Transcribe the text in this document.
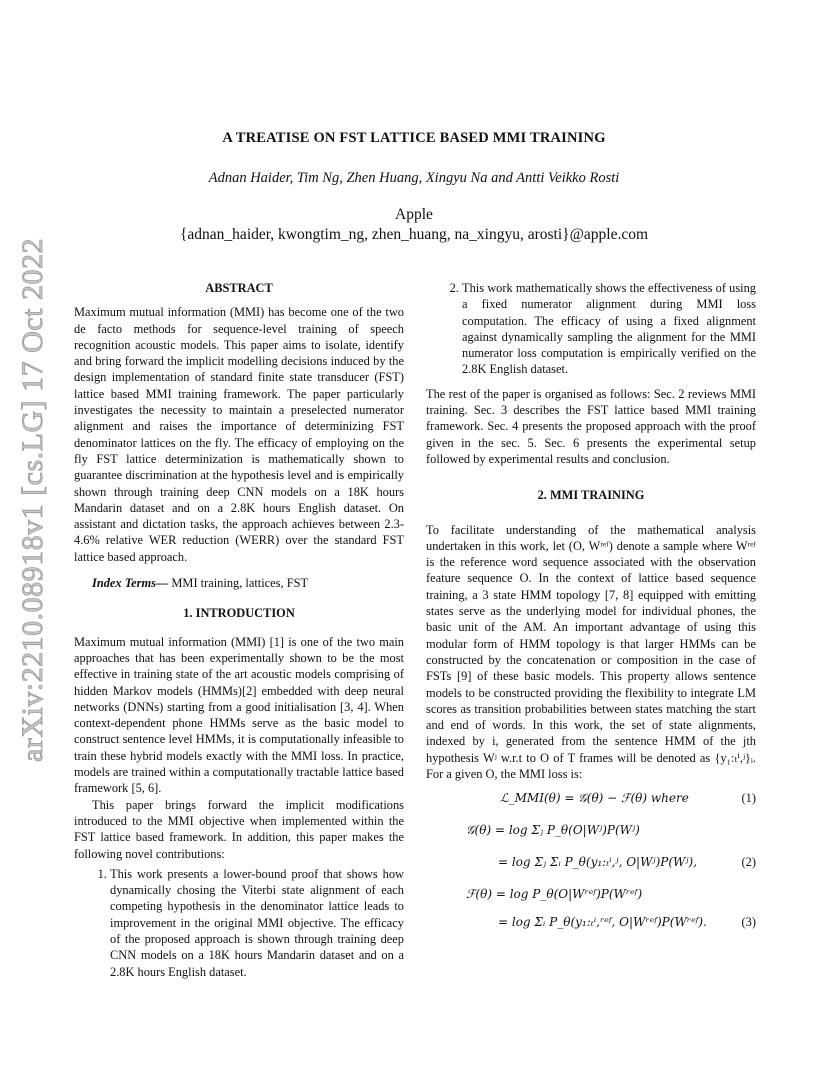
arXiv:2210.08918v1 [cs.LG] 17 Oct 2022
A TREATISE ON FST LATTICE BASED MMI TRAINING
Adnan Haider, Tim Ng, Zhen Huang, Xingyu Na and Antti Veikko Rosti
Apple
{adnan_haider, kwongtim_ng, zhen_huang, na_xingyu, arosti}@apple.com
ABSTRACT

Maximum mutual information (MMI) has become one of the two de facto methods for sequence-level training of speech recognition acoustic models. This paper aims to isolate, identify and bring forward the implicit modelling decisions induced by the design implementation of standard finite state transducer (FST) lattice based MMI training framework. The paper particularly investigates the necessity to maintain a preselected numerator alignment and raises the importance of determinizing FST denominator lattices on the fly. The efficacy of employing on the fly FST lattice determinization is mathematically shown to guarantee discrimination at the hypothesis level and is empirically shown through training deep CNN models on a 18K hours Mandarin dataset and on a 2.8K hours English dataset. On assistant and dictation tasks, the approach achieves between 2.3-4.6% relative WER reduction (WERR) over the standard FST lattice based approach.

Index Terms— MMI training, lattices, FST

1. INTRODUCTION

Maximum mutual information (MMI) [1] is one of the two main approaches that has been experimentally shown to be the most effective in training state of the art acoustic models comprising of hidden Markov models (HMMs)[2] embedded with deep neural networks (DNNs) starting from a good initialisation [3, 4]. When context-dependent phone HMMs serve as the basic model to construct sentence level HMMs, it is computationally infeasible to train these hybrid models exactly with the MMI loss. In practice, models are trained within a computationally tractable lattice based framework [5, 6].

This paper brings forward the implicit modifications introduced to the MMI objective when implemented within the FST lattice based framework. In addition, this paper makes the following novel contributions:

1. This work presents a lower-bound proof that shows how dynamically chosing the Viterbi state alignment of each competing hypothesis in the denominator lattice leads to improvement in the original MMI objective. The efficacy of the proposed approach is shown through training deep CNN models on a 18K hours Mandarin dataset and on a 2.8K hours English dataset.
2. This work mathematically shows the effectiveness of using a fixed numerator alignment during MMI loss computation. The efficacy of using a fixed alignment against dynamically sampling the alignment for the MMI numerator loss computation is empirically verified on the 2.8K English dataset.

The rest of the paper is organised as follows: Sec. 2 reviews MMI training. Sec. 3 describes the FST lattice based MMI training framework. Sec. 4 presents the proposed approach with the proof given in the sec. 5. Sec. 6 presents the experimental setup followed by experimental results and conclusion.

2. MMI TRAINING

To facilitate understanding of the mathematical analysis undertaken in this work, let (O, Wʳᵉᶠ) denote a sample where Wʳᵉᶠ is the reference word sequence associated with the observation feature sequence O. In the context of lattice based sequence training, a 3 state HMM topology [7, 8] equipped with emitting states serve as the underlying model for individual phones, the basic unit of the AM. An important advantage of using this modular form of HMM topology is that larger HMMs can be constructed by the concatenation or composition in the case of FSTs [9] of these basic models. This property allows sentence models to be constructed providing the flexibility to integrate LM scores as transition probabilities between states matching the start and end of words. In this work, the set of state alignments, indexed by i, generated from the sentence HMM of the jth hypothesis Wʲ w.r.t to O of T frames will be denoted as {y₁:ₜⁱ,ʲ}ᵢ. For a given O, the MMI loss is:

ℒ_MMI(θ) = 𝒢(θ) − ℱ(θ) where	(1)
𝒢(θ) = log Σⱼ P_θ(O|Wʲ)P(Wʲ)
= log Σⱼ Σᵢ P_θ(y₁:ₜⁱ,ʲ, O|Wʲ)P(Wʲ),	(2)
ℱ(θ) = log P_θ(O|Wʳᵉᶠ)P(Wʳᵉᶠ)
= log Σᵢ P_θ(y₁:ₜⁱ,ʳᵉᶠ, O|Wʳᵉᶠ)P(Wʳᵉᶠ).	(3)
